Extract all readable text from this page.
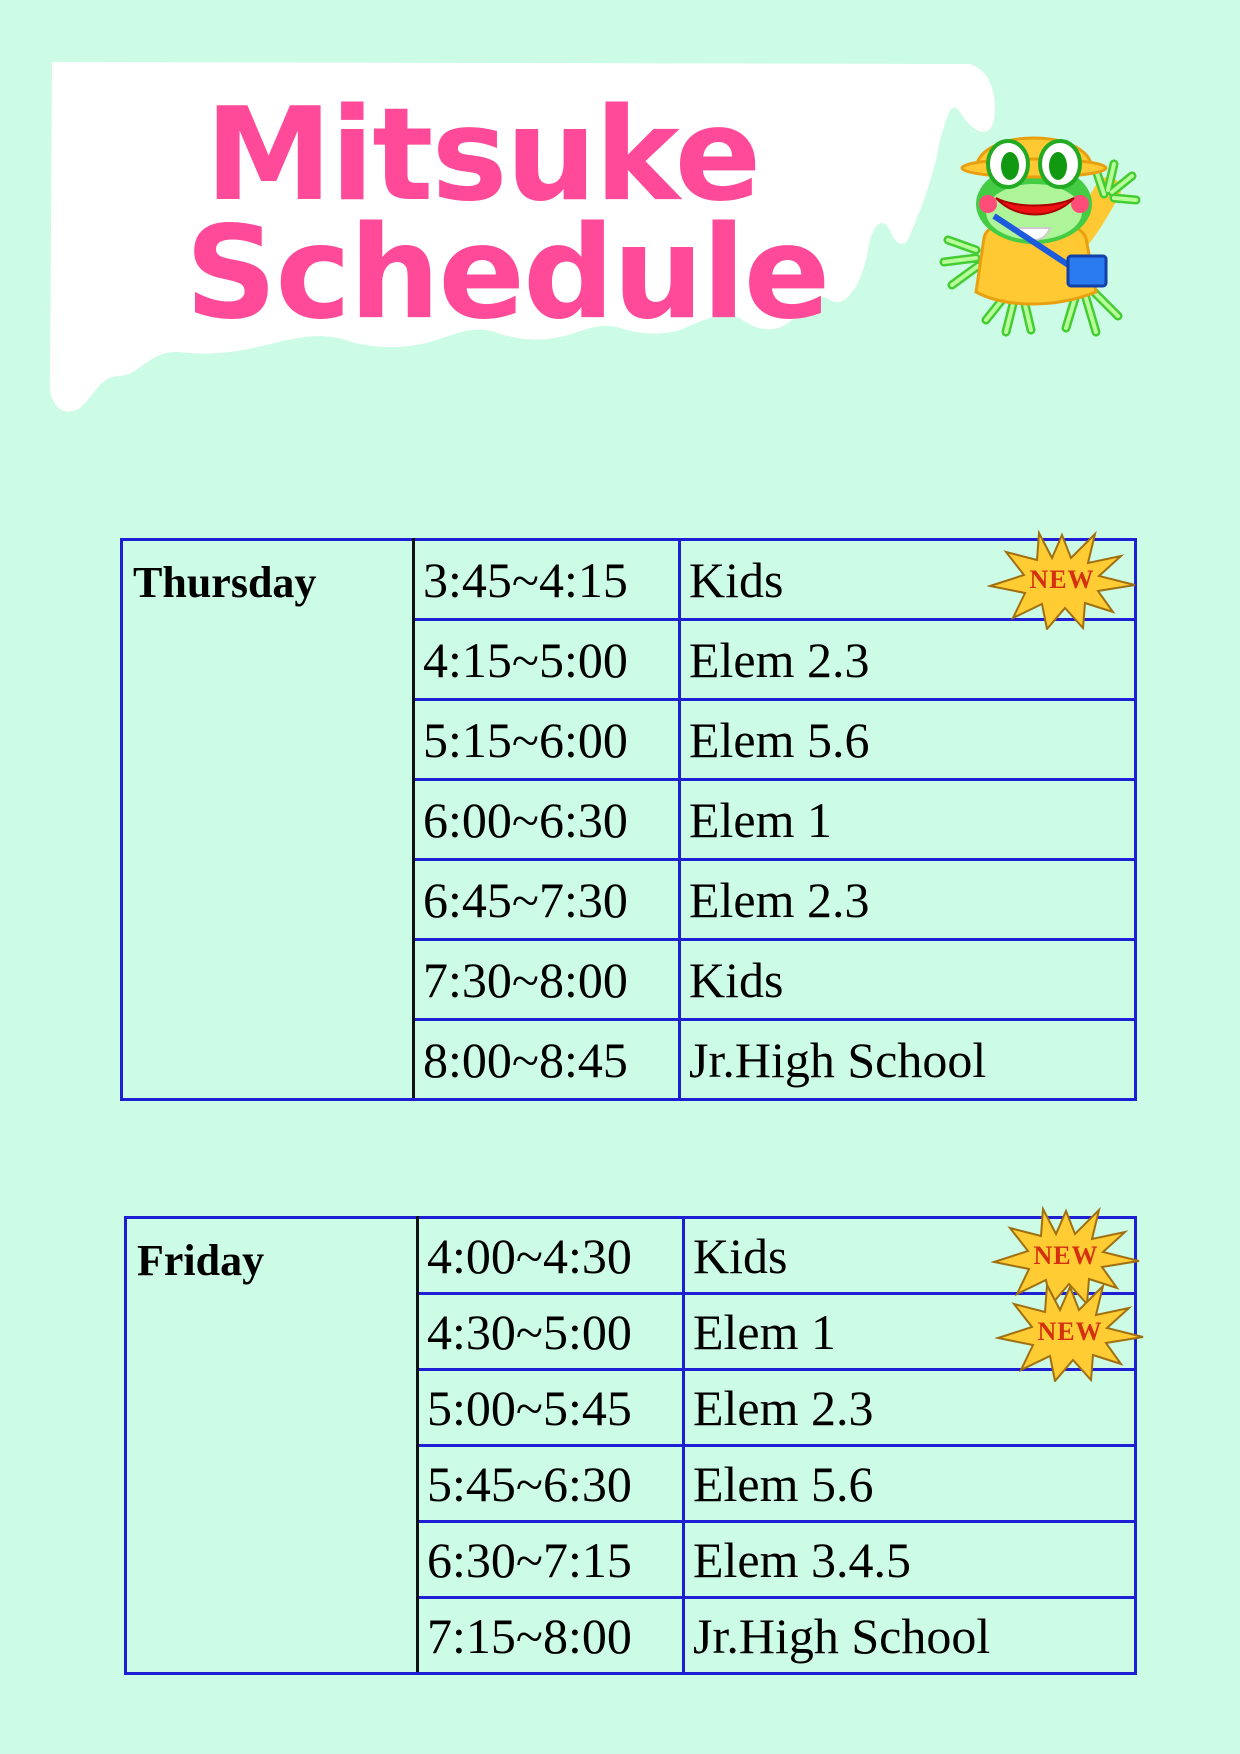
Mitsuke
Schedule
Thursday	3:45~4:15	Kids NEW

	4:15~5:00	Elem 2.3
	5:15~6:00	Elem 5.6
	6:00~6:30	Elem 1
	6:45~7:30	Elem 2.3
	7:30~8:00	Kids
	8:00~8:45	Jr.High School
Friday	4:00~4:30	Kids NEW

	4:30~5:00	Elem 1 NEW

	5:00~5:45	Elem 2.3
	5:45~6:30	Elem 5.6
	6:30~7:15	Elem 3.4.5
	7:15~8:00	Jr.High School
